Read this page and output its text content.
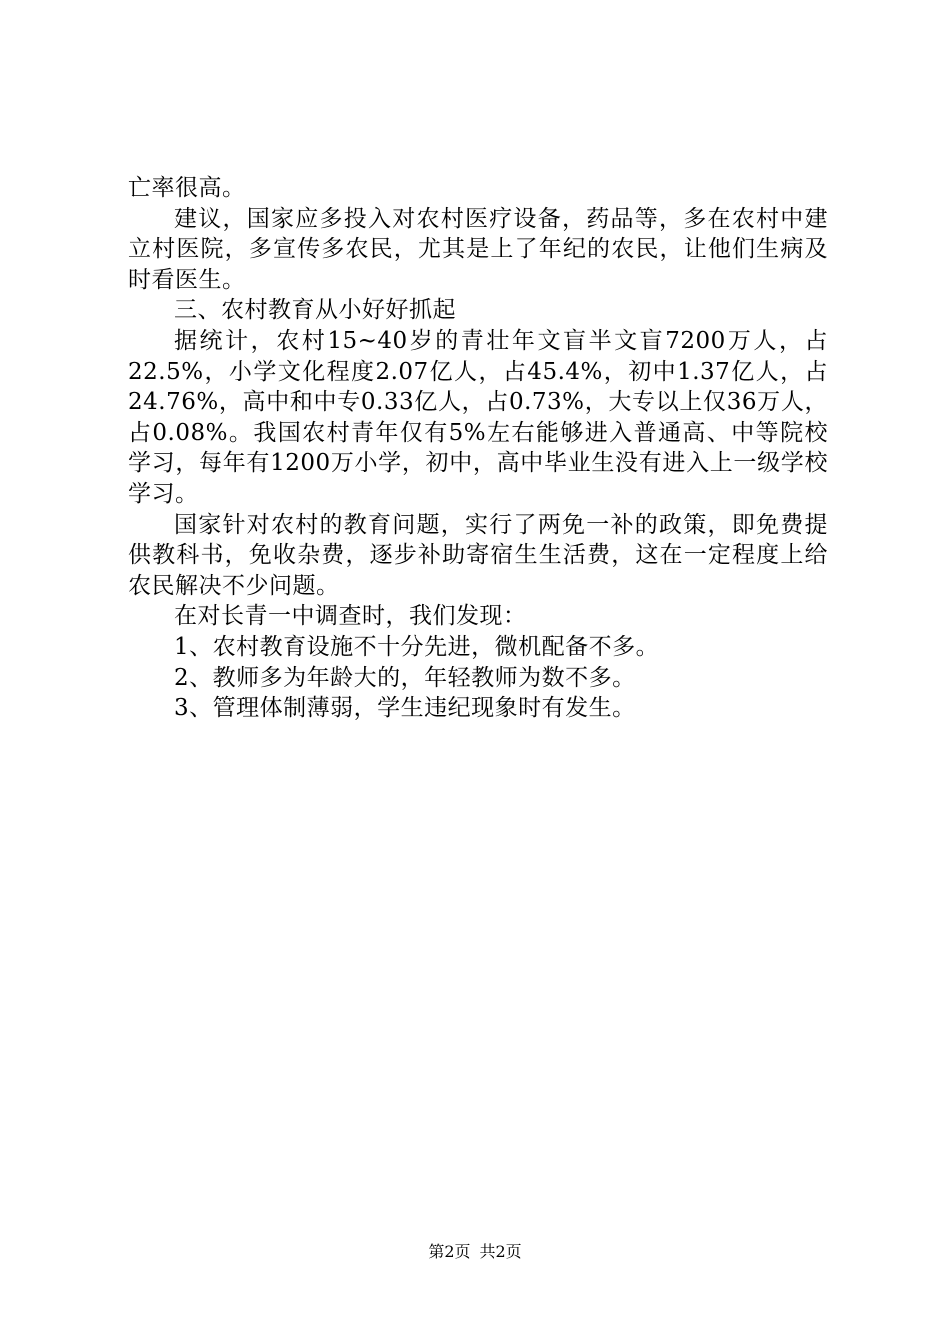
亡率很高。

建议，国家应多投入对农村医疗设备，药品等，多在农村中建立村医院，多宣传多农民，尤其是上了年纪的农民，让他们生病及时看医生。

三、农村教育从小好好抓起

据统计，农村15~40岁的青壮年文盲半文盲7200万人，占22.5%，小学文化程度2.07亿人，占45.4%，初中1.37亿人，占24.76%，高中和中专0.33亿人，占0.73%，大专以上仅36万人，占0.08%。我国农村青年仅有5%左右能够进入普通高、中等院校学习，每年有1200万小学，初中，高中毕业生没有进入上一级学校学习。

国家针对农村的教育问题，实行了两免一补的政策，即免费提供教科书，免收杂费，逐步补助寄宿生生活费，这在一定程度上给农民解决不少问题。

在对长青一中调查时，我们发现：

1、农村教育设施不十分先进，微机配备不多。

2、教师多为年龄大的，年轻教师为数不多。

3、管理体制薄弱，学生违纪现象时有发生。

第2页 共2页
